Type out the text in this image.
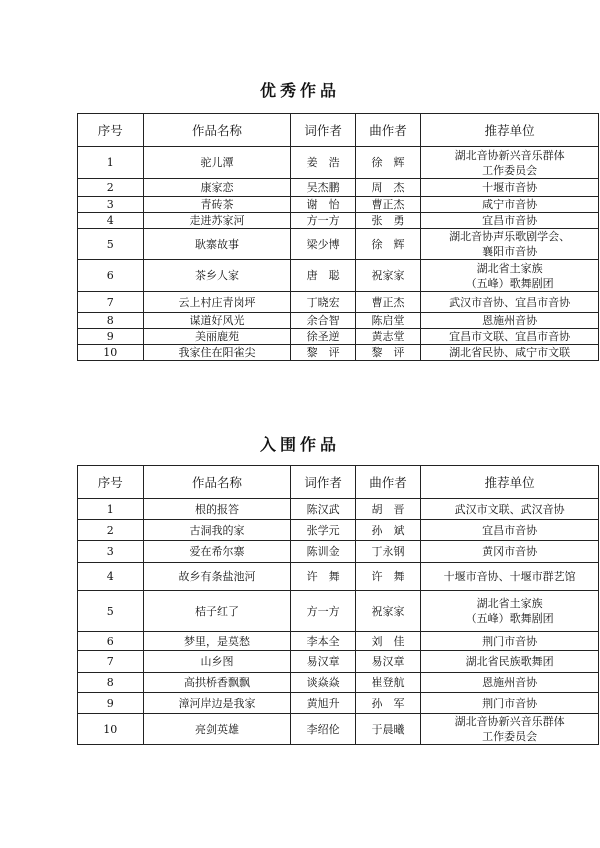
优秀作品
序号	作品名称	词作者	曲作者	推荐单位
1	驼儿潭	姜　浩	徐　辉	湖北音协新兴音乐群体
工作委员会
2	康家恋	吴杰鹏	周　杰	十堰市音协
3	青砖茶	谢　怡	曹正杰	咸宁市音协
4	走进苏家河	方一方	张　勇	宜昌市音协
5	耿寨故事	梁少博	徐　辉	湖北音协声乐歌剧学会、
襄阳市音协
6	茶乡人家	唐　聪	祝家家	湖北省土家族
（五峰）歌舞剧团
7	云上村庄青岗坪	丁晓宏	曹正杰	武汉市音协、宜昌市音协
8	谋道好风光	余合智	陈启堂	恩施州音协
9	美丽鹿苑	徐圣逆	黄志堂	宜昌市文联、宜昌市音协
10	我家住在阳雀尖	黎　评	黎　评	湖北省民协、咸宁市文联
入围作品
序号	作品名称	词作者	曲作者	推荐单位
1	根的报答	陈汉武	胡　晋	武汉市文联、武汉音协
2	古洞我的家	张学元	孙　斌	宜昌市音协
3	爱在希尔寨	陈训金	丁永钢	黄冈市音协
4	故乡有条盐池河	许　舞	许　舞	十堰市音协、十堰市群艺馆
5	桔子红了	方一方	祝家家	湖北省土家族
（五峰）歌舞剧团
6	梦里，是莫愁	李本全	刘　佳	荆门市音协
7	山乡图	易汉章	易汉章	湖北省民族歌舞团
8	高拱桥香飘飘	谈焱焱	崔登航	恩施州音协
9	漳河岸边是我家	黄旭升	孙　军	荆门市音协
10	亮剑英雄	李绍伦	于晨曦	湖北音协新兴音乐群体
工作委员会
